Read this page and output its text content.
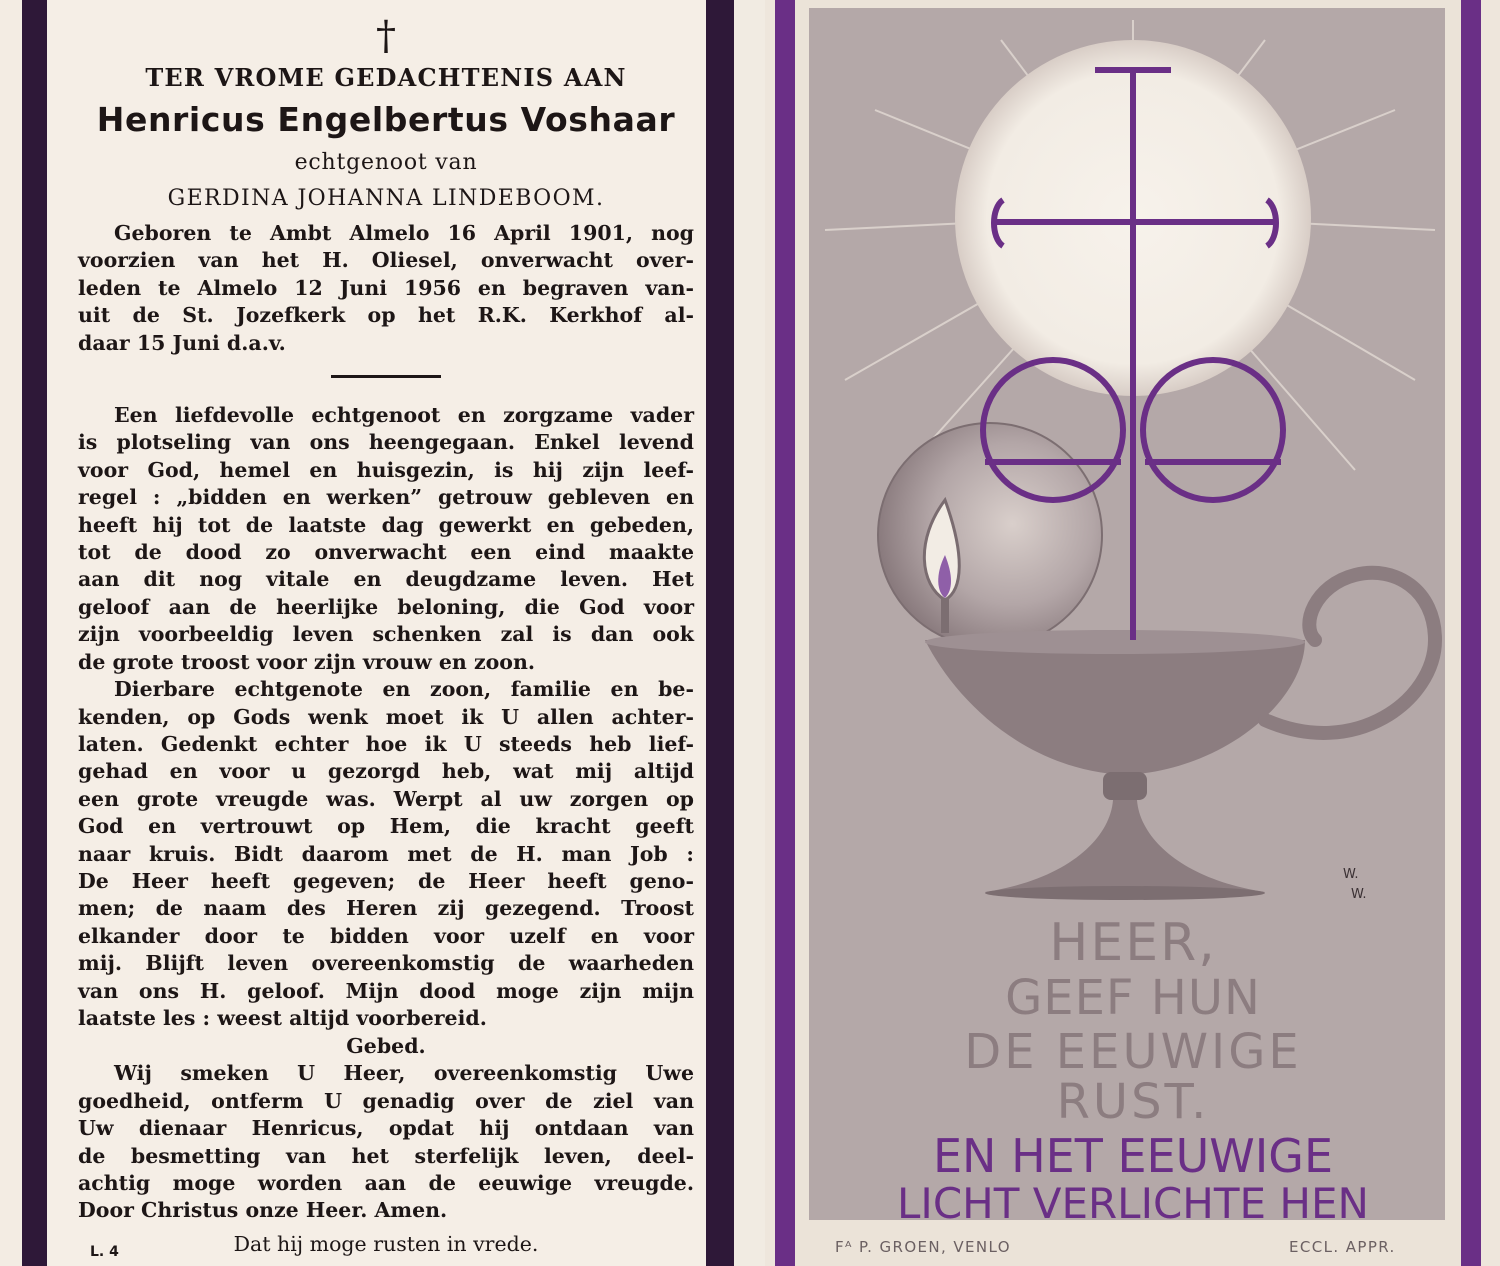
†
TER VROME GEDACHTENIS AAN
Henricus Engelbertus Voshaar
echtgenoot van
GERDINA JOHANNA LINDEBOOM.
Geboren te Ambt Almelo 16 April 1901, nog
voorzien van het H. Oliesel, onverwacht over-
leden te Almelo 12 Juni 1956 en begraven van-
uit de St. Jozefkerk op het R.K. Kerkhof al-
daar 15 Juni d.a.v.
Een liefdevolle echtgenoot en zorgzame vader
is plotseling van ons heengegaan. Enkel levend
voor God, hemel en huisgezin, is hij zijn leef-
regel : „bidden en werken” getrouw gebleven en
heeft hij tot de laatste dag gewerkt en gebeden,
tot de dood zo onverwacht een eind maakte
aan dit nog vitale en deugdzame leven. Het
geloof aan de heerlijke beloning, die God voor
zijn voorbeeldig leven schenken zal is dan ook
de grote troost voor zijn vrouw en zoon.
Dierbare echtgenote en zoon, familie en be-
kenden, op Gods wenk moet ik U allen achter-
laten. Gedenkt echter hoe ik U steeds heb lief-
gehad en voor u gezorgd heb, wat mij altijd
een grote vreugde was. Werpt al uw zorgen op
God en vertrouwt op Hem, die kracht geeft
naar kruis. Bidt daarom met de H. man Job :
De Heer heeft gegeven; de Heer heeft geno-
men; de naam des Heren zij gezegend. Troost
elkander door te bidden voor uzelf en voor
mij. Blijft leven overeenkomstig de waarheden
van ons H. geloof. Mijn dood moge zijn mijn
laatste les : weest altijd voorbereid.
Gebed.
Wij smeken U Heer, overeenkomstig Uwe
goedheid, ontferm U genadig over de ziel van
Uw dienaar Henricus, opdat hij ontdaan van
de besmetting van het sterfelijk leven, deel-
achtig moge worden aan de eeuwige vreugde.
Door Christus onze Heer. Amen.
Dat hij moge rusten in vrede.
L. 4
W.
W.
HEER,
GEEF HUN
DE EEUWIGE
RUST.
EN HET EEUWIGE
LICHT VERLICHTE HEN
Fᴬ P. GROEN, VENLO	ECCL. APPR.
